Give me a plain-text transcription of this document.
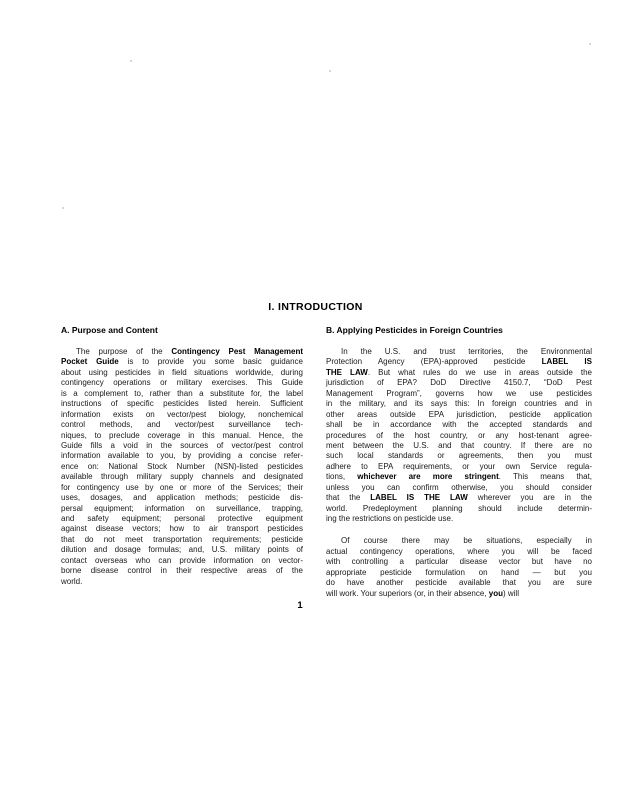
I. INTRODUCTION
A. Purpose and Content
The purpose of the Contingency Pest Management
Pocket Guide is to provide you some basic guidance
about using pesticides in field situations worldwide, during
contingency operations or military exercises. This Guide
is a complement to, rather than a substitute for, the label
instructions of specific pesticides listed herein. Sufficient
information exists on vector/pest biology, nonchemical
control methods, and vector/pest surveillance tech-
niques, to preclude coverage in this manual. Hence, the
Guide fills a void in the sources of vector/pest control
information available to you, by providing a concise refer-
ence on: National Stock Number (NSN)-listed pesticides
available through military supply channels and designated
for contingency use by one or more of the Services; their
uses, dosages, and application methods; pesticide dis-
persal equipment; information on surveillance, trapping,
and safety equipment; personal protective equipment
against disease vectors; how to air transport pesticides
that do not meet transportation requirements; pesticide
dilution and dosage formulas; and, U.S. military points of
contact overseas who can provide information on vector-
borne disease control in their respective areas of the
world.
B. Applying Pesticides in Foreign Countries
In the U.S. and trust territories, the Environmental
Protection Agency (EPA)-approved pesticide LABEL IS
THE LAW. But what rules do we use in areas outside the
jurisdiction of EPA? DoD Directive 4150.7, “DoD Pest
Management Program”, governs how we use pesticides
in the military, and its says this: In foreign countries and in
other areas outside EPA jurisdiction, pesticide application
shall be in accordance with the accepted standards and
procedures of the host country, or any host-tenant agree-
ment between the U.S. and that country. If there are no
such local standards or agreements, then you must
adhere to EPA requirements, or your own Service regula-
tions, whichever are more stringent. This means that,
unless you can confirm otherwise, you should consider
that the LABEL IS THE LAW wherever you are in the
world. Predeployment planning should include determin-
ing the restrictions on pesticide use.
Of course there may be situations, especially in
actual contingency operations, where you will be faced
with controlling a particular disease vector but have no
appropriate pesticide formulation on hand — but you
do have another pesticide available that you are sure
will work. Your superiors (or, in their absence, you) will
1
